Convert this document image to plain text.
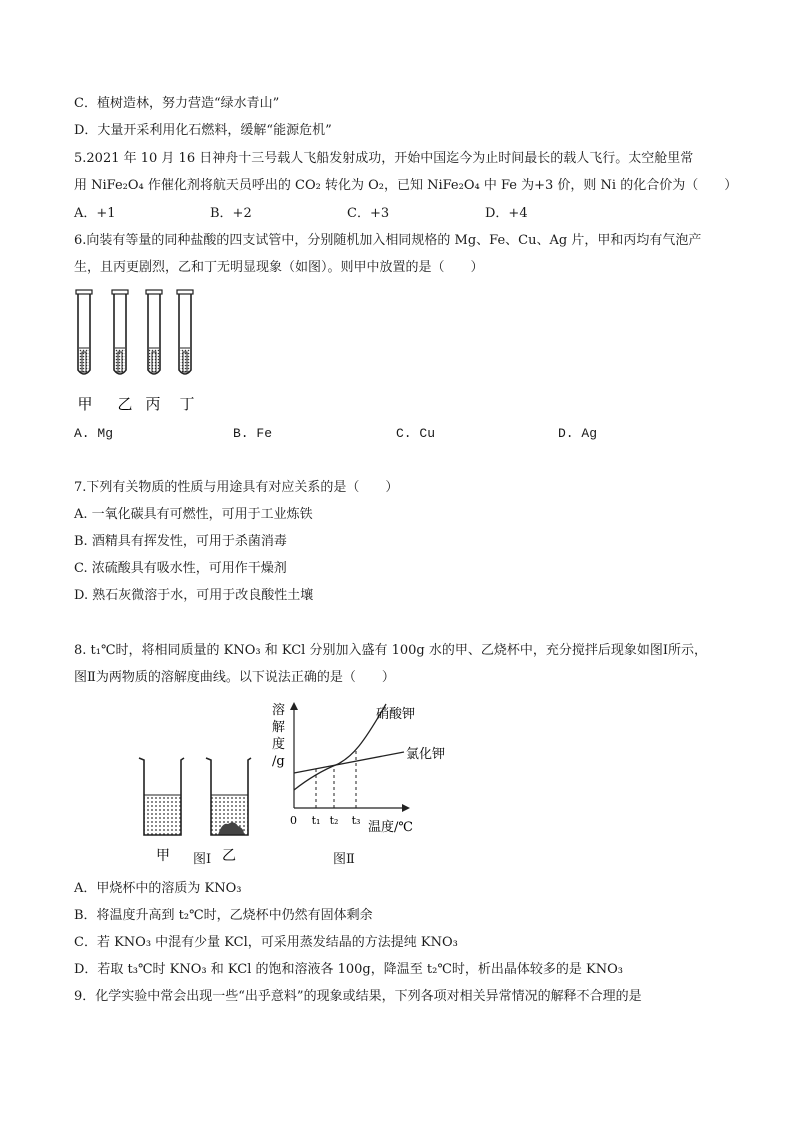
C．植树造林，努力营造“绿水青山”
D．大量开采利用化石燃料，缓解“能源危机”
5.2021 年 10 月 16 日神舟十三号载人飞船发射成功，开始中国迄今为止时间最长的载人飞行。太空舱里常
用 NiFe₂O₄ 作催化剂将航天员呼出的 CO₂ 转化为 O₂，已知 NiFe₂O₄ 中 Fe 为+3 价，则 Ni 的化合价为（　　）
A．+1	B．+2	C．+3	D．+4
6.向装有等量的同种盐酸的四支试管中，分别随机加入相同规格的 Mg、Fe、Cu、Ag 片，甲和丙均有气泡产
生，且丙更剧烈，乙和丁无明显现象（如图）。则甲中放置的是（　　）
甲 乙 丙 丁
A. Mg	B. Fe	C. Cu	D. Ag
7.下列有关物质的性质与用途具有对应关系的是（　　）
A. 一氧化碳具有可燃性，可用于工业炼铁
B. 酒精具有挥发性，可用于杀菌消毒
C. 浓硫酸具有吸水性，可用作干燥剂
D. 熟石灰微溶于水，可用于改良酸性土壤
8. t₁℃时，将相同质量的 KNO₃ 和 KCl 分别加入盛有 100g 水的甲、乙烧杯中，充分搅拌后现象如图Ⅰ所示，
图Ⅱ为两物质的溶解度曲线。以下说法正确的是（　　）
甲	乙
溶
解
度
/g
硝酸钾
氯化钾
0 t₁ t₂ t₃ 温度/℃
图Ⅰ	图Ⅱ
A．甲烧杯中的溶质为 KNO₃
B．将温度升高到 t₂℃时，乙烧杯中仍然有固体剩余
C．若 KNO₃ 中混有少量 KCl，可采用蒸发结晶的方法提纯 KNO₃
D．若取 t₃℃时 KNO₃ 和 KCl 的饱和溶液各 100g，降温至 t₂℃时，析出晶体较多的是 KNO₃
9．化学实验中常会出现一些“出乎意料”的现象或结果，下列各项对相关异常情况的解释不合理的是
